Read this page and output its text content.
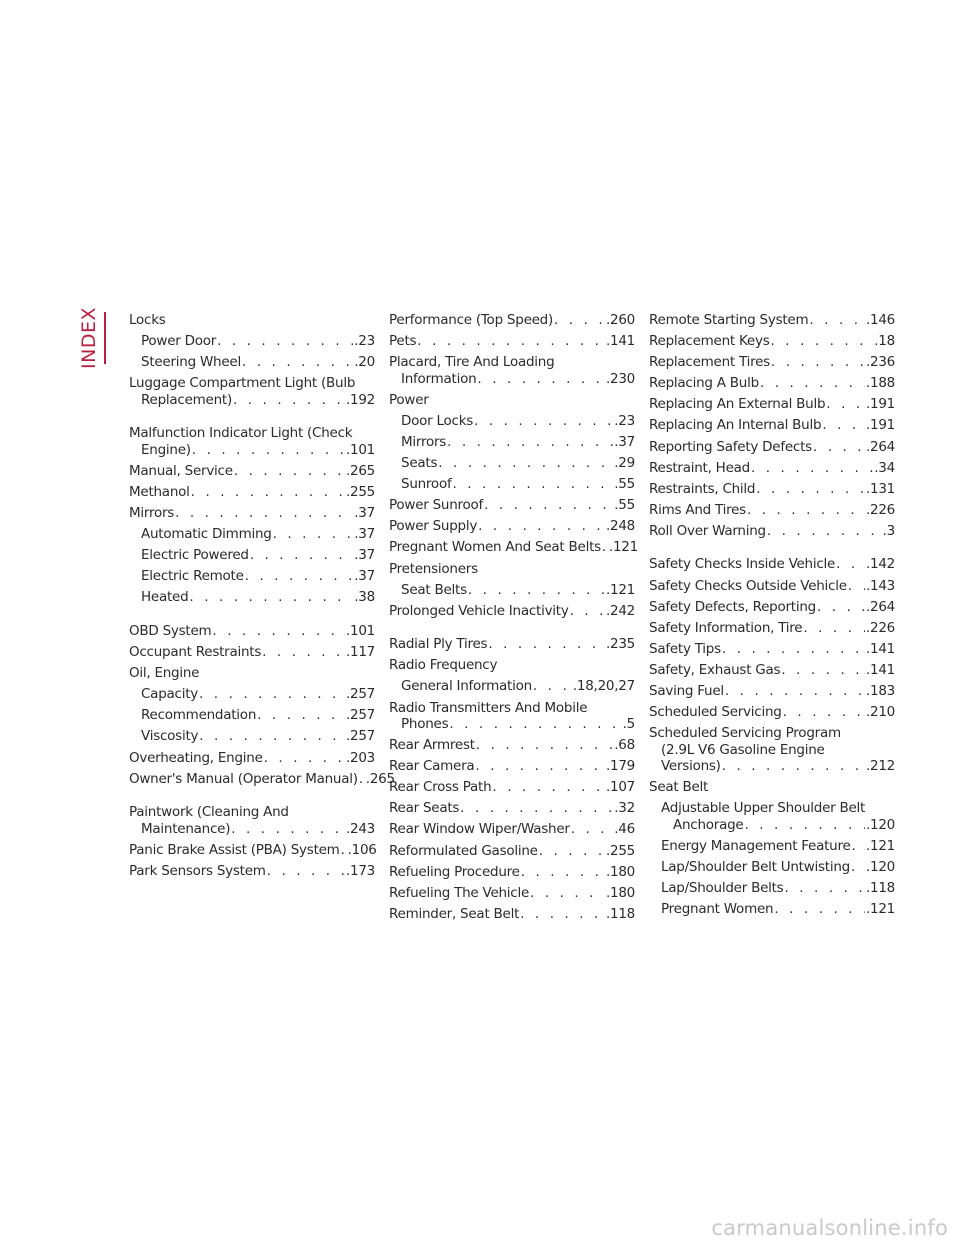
INDEX Locks
Power Door . . .	.23
Steering Wheel . . .	.20
Luggage Compartment Light (Bulb
Replacement) . . .	.192
Malfunction Indicator Light (Check
Engine) . . .	.101
Manual, Service . . .	.265
Methanol . . .	.255
Mirrors . . .	.37
Automatic Dimming . . .	.37
Electric Powered . . .	.37
Electric Remote . . .	.37
Heated . . .	.38
OBD System . . .	.101
Occupant Restraints . . .	.117
Oil, Engine
Capacity . . .	.257
Recommendation . . .	.257
Viscosity . . .	.257
Overheating, Engine . . .	.203
Owner's Manual (Operator Manual) . . . .265
Paintwork (Cleaning And
Maintenance) . . .	.243
Panic Brake Assist (PBA) System . . . .106
Park Sensors System . . .	.173
Performance (Top Speed) . . .	.260
Pets . . .	.141
Placard, Tire And Loading
Information . . .	.230
Power
Door Locks . . .	.23
Mirrors . . .	.37
Seats . . .	.29
Sunroof . . .	.55
Power Sunroof . . .	.55
Power Supply . . .	.248
Pregnant Women And Seat Belts . . . .121
Pretensioners
Seat Belts . . .	.121
Prolonged Vehicle Inactivity . . .	.242
Radial Ply Tires . . .	.235
Radio Frequency
General Information . . .	.18,20,27
Radio Transmitters And Mobile
Phones . . .	.5
Rear Armrest . . .	.68
Rear Camera . . .	.179
Rear Cross Path . . .	.107
Rear Seats . . .	.32
Rear Window Wiper/Washer . . .	.46
Reformulated Gasoline . . .	.255
Refueling Procedure . . .	.180
Refueling The Vehicle . . .	.180
Reminder, Seat Belt . . .	.118
Remote Starting System . . .	.146
Replacement Keys . . .	.18
Replacement Tires . . .	.236
Replacing A Bulb . . .	.188
Replacing An External Bulb . . .	.191
Replacing An Internal Bulb . . .	.191
Reporting Safety Defects . . .	.264
Restraint, Head . . .	.34
Restraints, Child . . .	.131
Rims And Tires . . .	.226
Roll Over Warning . . .	.3
Safety Checks Inside Vehicle . . . .142
Safety Checks Outside Vehicle . . . .143
Safety Defects, Reporting . . .	.264
Safety Information, Tire . . .	.226
Safety Tips . . .	.141
Safety, Exhaust Gas . . .	.141
Saving Fuel . . .	.183
Scheduled Servicing . . .	.210
Scheduled Servicing Program
(2.9L V6 Gasoline Engine
Versions) . . .	.212
Seat Belt
Adjustable Upper Shoulder Belt
Anchorage . . .	.120
Energy Management Feature . . . .121
Lap/Shoulder Belt Untwisting . . . .120
Lap/Shoulder Belts . . .	.118
Pregnant Women . . .	.121
carmanualsonline.info
